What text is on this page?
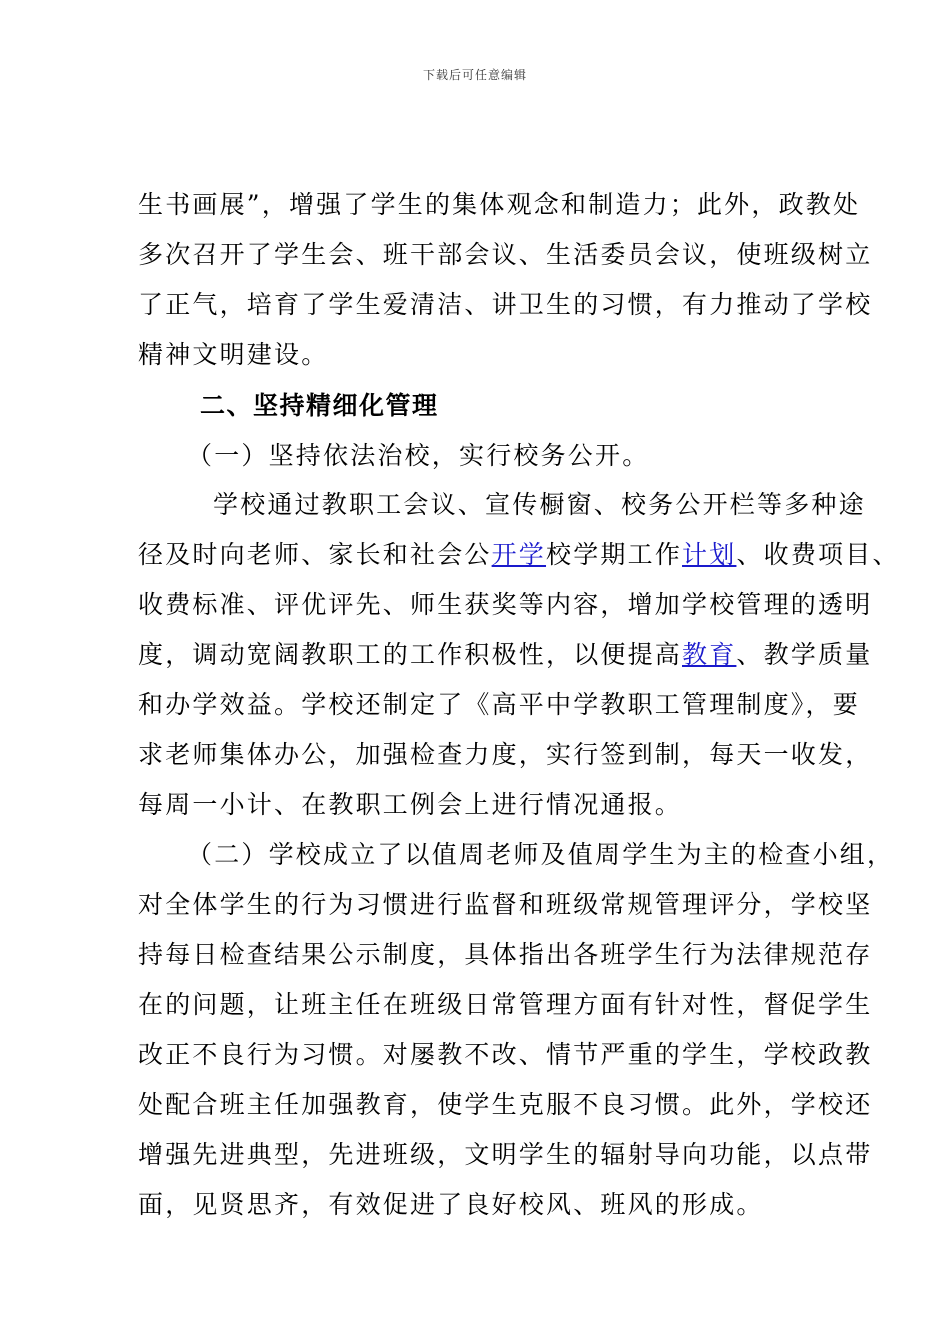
下载后可任意编辑
生书画展”，增强了学生的集体观念和制造力；此外，政教处
多次召开了学生会、班干部会议、生活委员会议，使班级树立
了正气，培育了学生爱清洁、讲卫生的习惯，有力推动了学校
精神文明建设。
二、坚持精细化管理
（一）坚持依法治校，实行校务公开。
学校通过教职工会议、宣传橱窗、校务公开栏等多种途
径及时向老师、家长和社会公开学校学期工作计划、收费项目、
收费标准、评优评先、师生获奖等内容，增加学校管理的透明
度，调动宽阔教职工的工作积极性，以便提高教育、教学质量
和办学效益。学校还制定了《高平中学教职工管理制度》，要
求老师集体办公，加强检查力度，实行签到制，每天一收发，
每周一小计、在教职工例会上进行情况通报。
（二）学校成立了以值周老师及值周学生为主的检查小组，
对全体学生的行为习惯进行监督和班级常规管理评分，学校坚
持每日检查结果公示制度，具体指出各班学生行为法律规范存
在的问题，让班主任在班级日常管理方面有针对性，督促学生
改正不良行为习惯。对屡教不改、情节严重的学生，学校政教
处配合班主任加强教育，使学生克服不良习惯。此外，学校还
增强先进典型，先进班级，文明学生的辐射导向功能，以点带
面，见贤思齐，有效促进了良好校风、班风的形成。
